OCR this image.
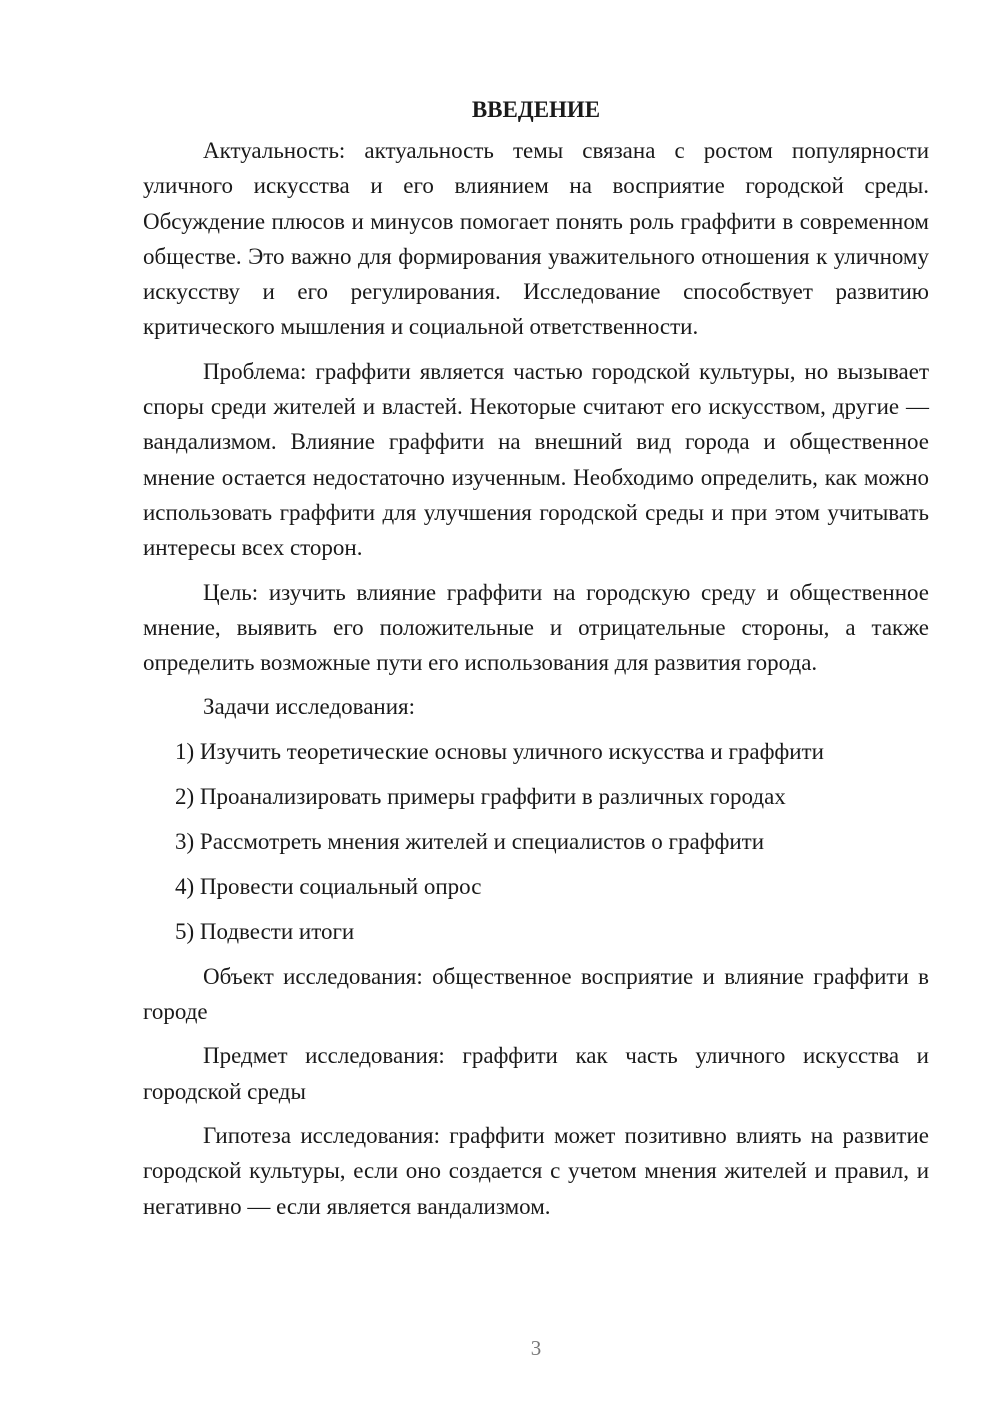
ВВЕДЕНИЕ

Актуальность: актуальность темы связана с ростом популярности уличного искусства и его влиянием на восприятие городской среды. Обсуждение плюсов и минусов помогает понять роль граффити в современном обществе. Это важно для формирования уважительного отношения к уличному искусству и его регулирования. Исследование способствует развитию критического мышления и социальной ответственности.

Проблема: граффити является частью городской культуры, но вызывает споры среди жителей и властей. Некоторые считают его искусством, другие — вандализмом. Влияние граффити на внешний вид города и общественное мнение остается недостаточно изученным. Необходимо определить, как можно использовать граффити для улучшения городской среды и при этом учитывать интересы всех сторон.

Цель: изучить влияние граффити на городскую среду и общественное мнение, выявить его положительные и отрицательные стороны, а также определить возможные пути его использования для развития города.

Задачи исследования:

1) Изучить теоретические основы уличного искусства и граффити
2) Проанализировать примеры граффити в различных городах
3) Рассмотреть мнения жителей и специалистов о граффити
4) Провести социальный опрос
5) Подвести итоги

Объект исследования: общественное восприятие и влияние граффити в городе

Предмет исследования: граффити как часть уличного искусства и городской среды

Гипотеза исследования: граффити может позитивно влиять на развитие городской культуры, если оно создается с учетом мнения жителей и правил, и негативно — если является вандализмом.

3
